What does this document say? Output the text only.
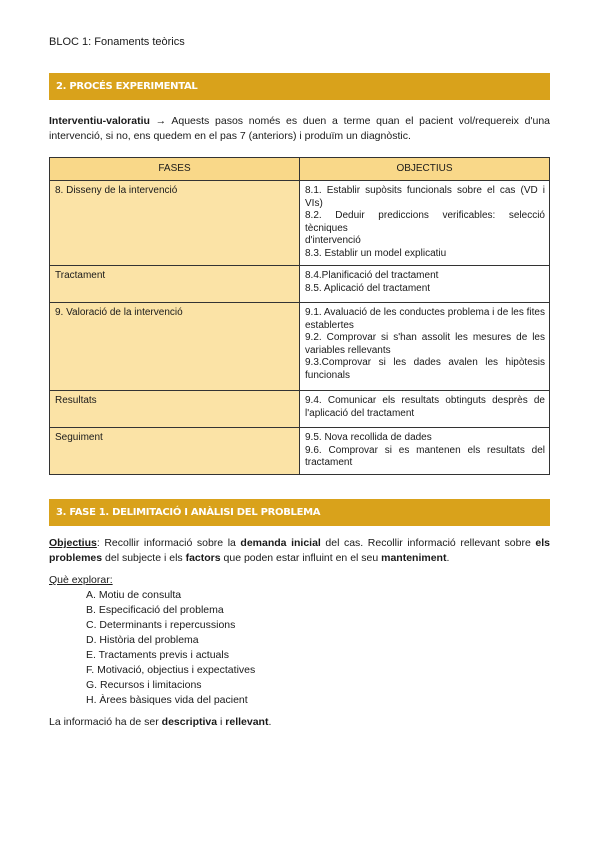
BLOC 1: Fonaments teòrics
2. PROCÉS EXPERIMENTAL
Interventiu-valoratiu → Aquests pasos només es duen a terme quan el pacient vol/requereix d'una intervenció, si no, ens quedem en el pas 7 (anteriors) i produïm un diagnòstic.
FASES	OBJECTIUS
8. Disseny de la intervenció	8.1. Establir supòsits funcionals sobre el cas (VD i VIs)
8.2. Deduir prediccions verificables: selecció tècniques
d'intervenció
8.3. Establir un model explicatiu

Tractament	8.4.Planificació del tractament
8.5. Aplicació del tractament

9. Valoració de la intervenció	9.1. Avaluació de les conductes problema i de les fites establertes
9.2. Comprovar si s'han assolit les mesures de les variables rellevants
9.3.Comprovar si les dades avalen les hipòtesis funcionals

Resultats	9.4. Comunicar els resultats obtinguts desprès de l'aplicació del tractament

Seguiment	9.5. Nova recollida de dades
9.6. Comprovar si es mantenen els resultats del tractament
3. FASE 1. DELIMITACIÓ I ANÀLISI DEL PROBLEMA
Objectius: Recollir informació sobre la demanda inicial del cas. Recollir informació rellevant sobre els problemes del subjecte i els factors que poden estar influint en el seu manteniment.
Què explorar:
A. Motiu de consulta
B. Especificació del problema
C. Determinants i repercussions
D. Història del problema
E. Tractaments previs i actuals
F. Motivació, objectius i expectatives
G. Recursos i limitacions
H. Àrees bàsiques vida del pacient
La informació ha de ser descriptiva i rellevant.
